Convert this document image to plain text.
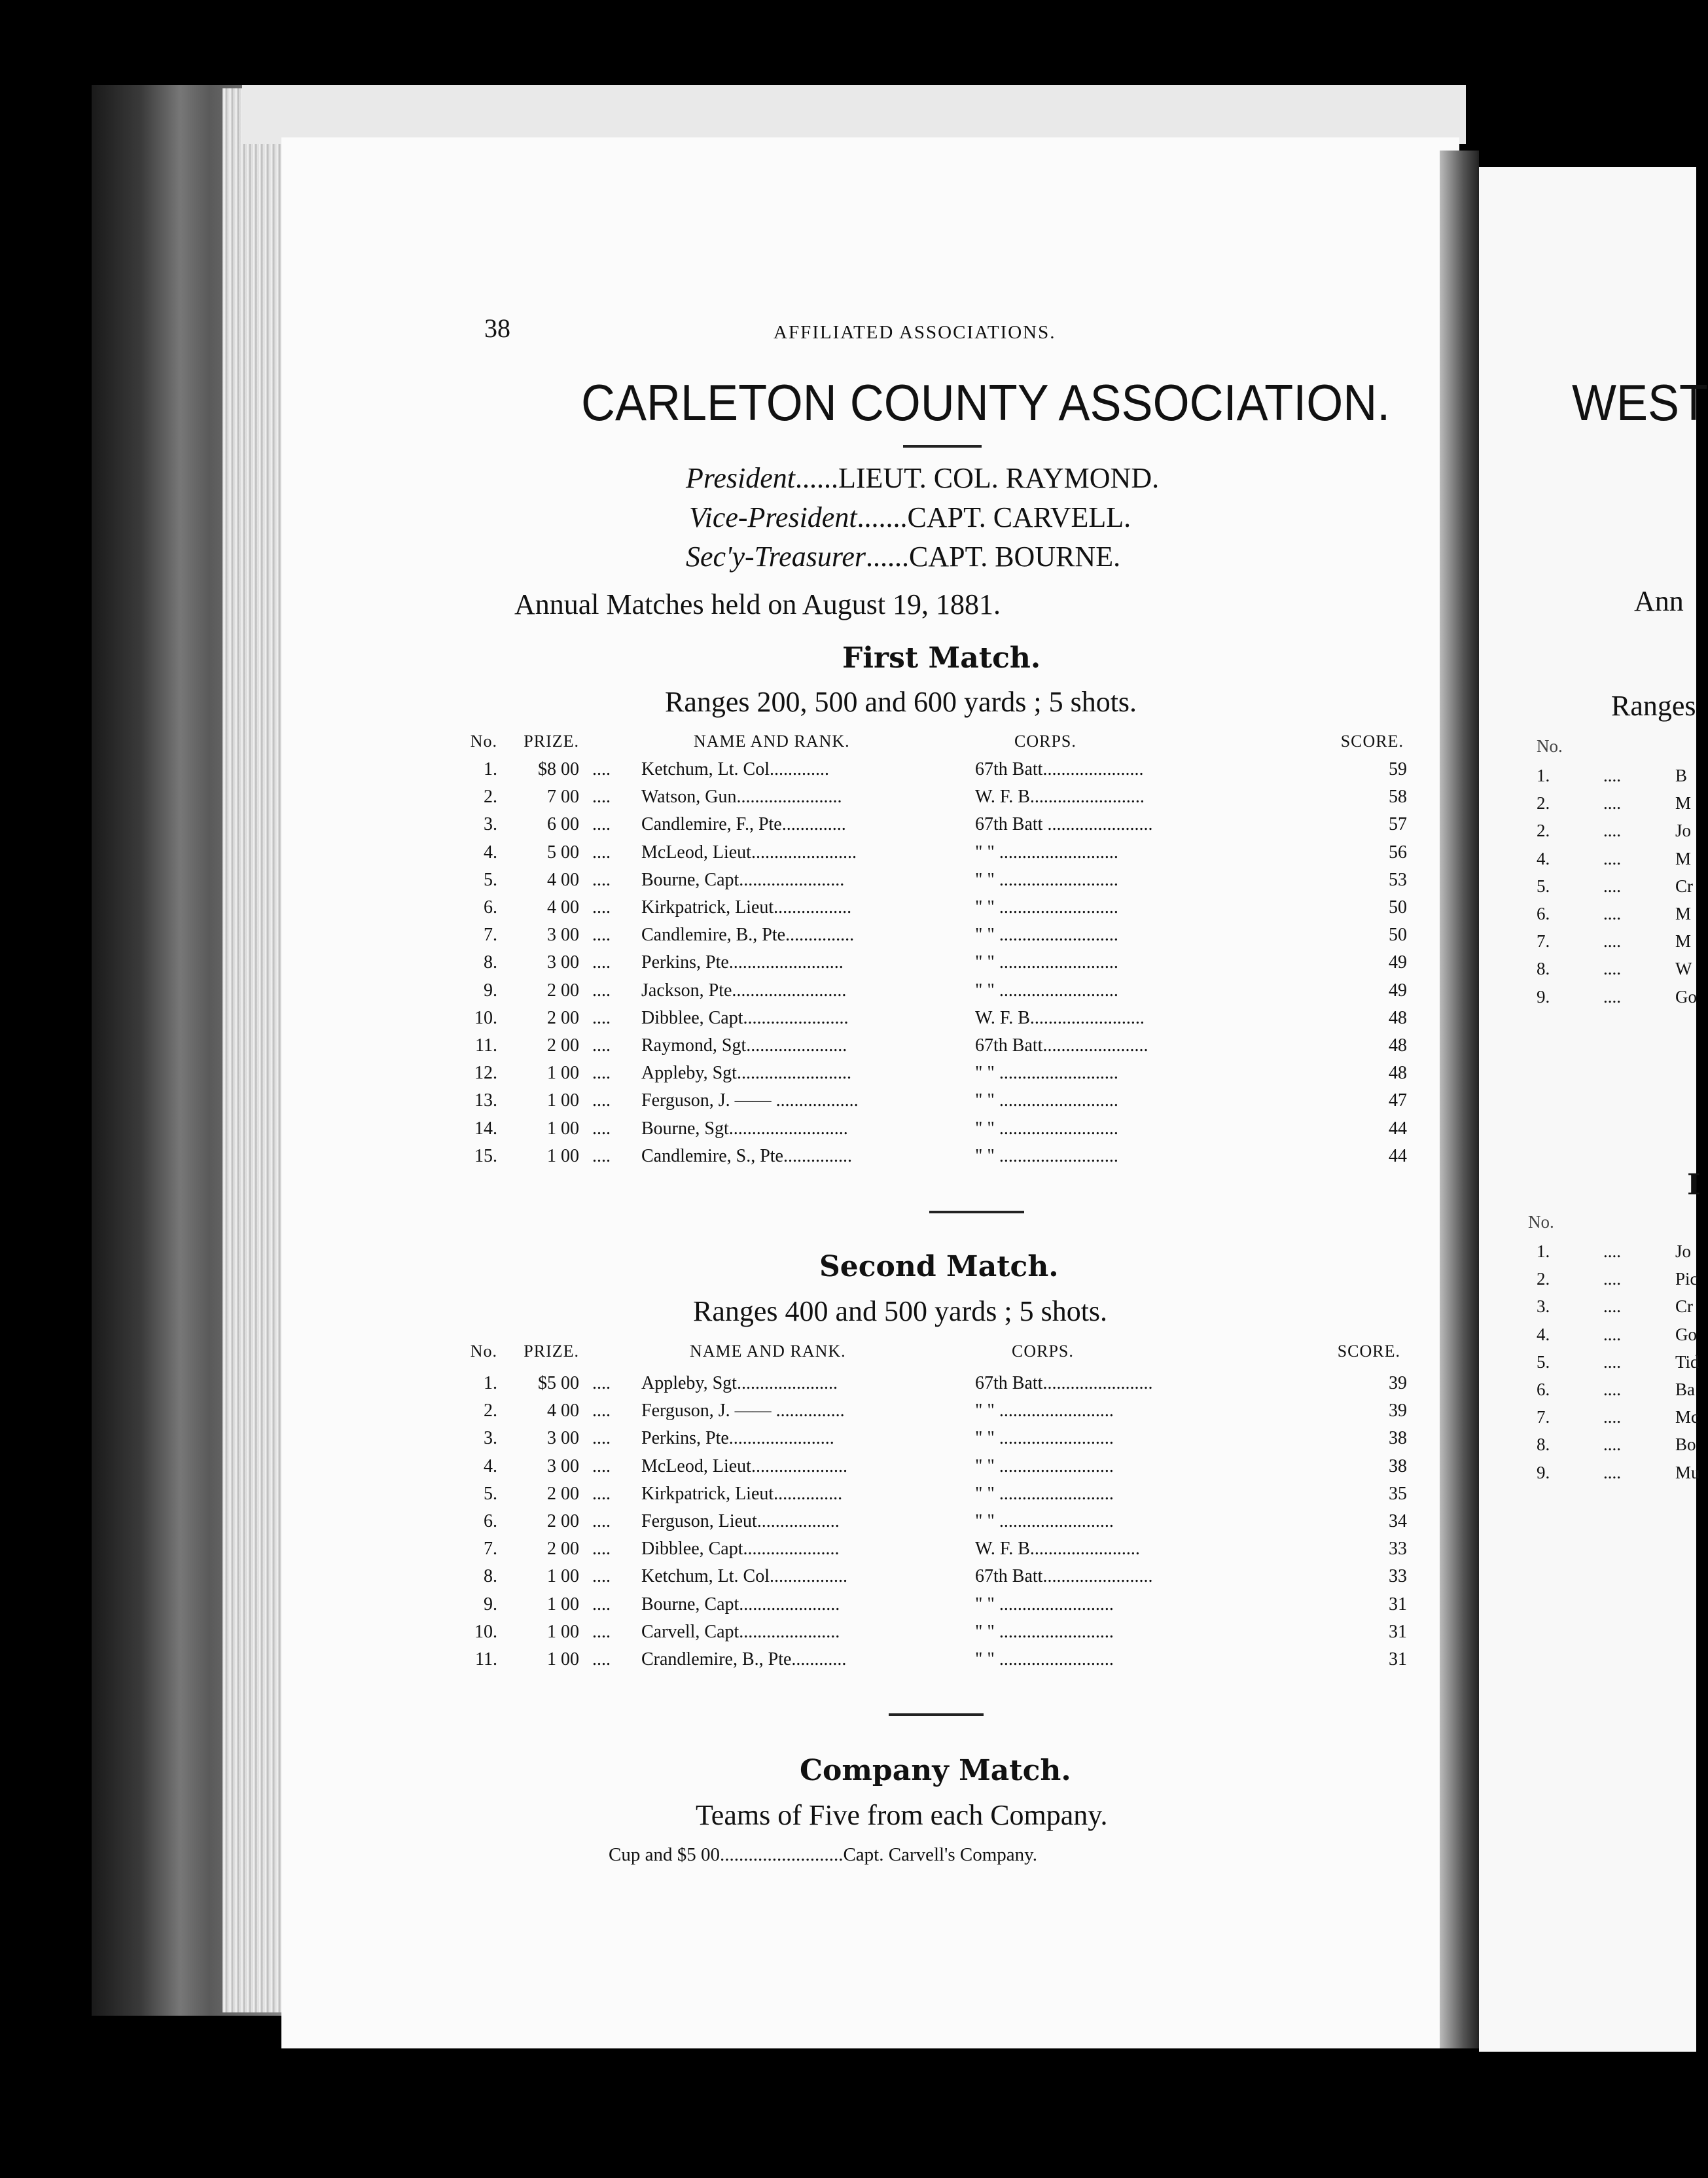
38	AFFILIATED ASSOCIATIONS.
CARLETON COUNTY ASSOCIATION.
President......LIEUT. COL. RAYMOND.
Vice-President.......CAPT. CARVELL.
Sec'y-Treasurer......CAPT. BOURNE.
Annual Matches held on August 19, 1881.
First Match.
Ranges 200, 500 and 600 yards ; 5 shots.
No.	PRIZE.	NAME AND RANK.	CORPS.	SCORE.
1.	$8 00 .... Ketchum, Lt. Col.............	67th Batt......................	59
2.	7 00 .... Watson, Gun.......................	W. F. B.........................	58
3.	6 00 .... Candlemire, F., Pte..............	67th Batt .......................	57
4.	5 00 .... McLeod, Lieut.......................	" " ..........................	56
5.	4 00 .... Bourne, Capt.......................	" " ..........................	53
6.	4 00 .... Kirkpatrick, Lieut.................	" " ..........................	50
7.	3 00 .... Candlemire, B., Pte...............	" " ..........................	50
8.	3 00 .... Perkins, Pte.........................	" " ..........................	49
9.	2 00 .... Jackson, Pte.........................	" " ..........................	49
10.	2 00 .... Dibblee, Capt.......................	W. F. B.........................	48
11.	2 00 .... Raymond, Sgt......................	67th Batt.......................	48
12.	1 00 .... Appleby, Sgt.........................	" " ..........................	48
13.	1 00 .... Ferguson, J. —— ..................	" " ..........................	47
14.	1 00 .... Bourne, Sgt..........................	" " ..........................	44
15.	1 00 .... Candlemire, S., Pte...............	" " ..........................	44
Second Match.
Ranges 400 and 500 yards ; 5 shots.
No.	PRIZE.	NAME AND RANK.	CORPS.	SCORE.
1.	$5 00 .... Appleby, Sgt......................	67th Batt........................	39
2.	4 00 .... Ferguson, J. —— ...............	" " .........................	39
3.	3 00 .... Perkins, Pte.......................	" " .........................	38
4.	3 00 .... McLeod, Lieut.....................	" " .........................	38
5.	2 00 .... Kirkpatrick, Lieut...............	" " .........................	35
6.	2 00 .... Ferguson, Lieut..................	" " .........................	34
7.	2 00 .... Dibblee, Capt.....................	W. F. B........................	33
8.	1 00 .... Ketchum, Lt. Col.................	67th Batt........................	33
9.	1 00 .... Bourne, Capt......................	" " .........................	31
10.	1 00 .... Carvell, Capt......................	" " .........................	31
11.	1 00 .... Crandlemire, B., Pte............	" " .........................	31
Company Match.
Teams of Five from each Company.
Cup and $5 00..........................Capt. Carvell's Company.
WEST
Ann
Ranges
No.
1.	....	B
2.	....	M
2.	....	Jo
4.	....	M
5.	....	Cr
6.	....	M
7.	....	M
8.	....	W
9.	....	Go
I
No.
1.	....	Jo
2.	....	Pic
3.	....	Cr
4.	....	Go
5.	....	Tid
6.	....	Ba
7.	....	Mc
8.	....	Bo
9.	....	Mu
